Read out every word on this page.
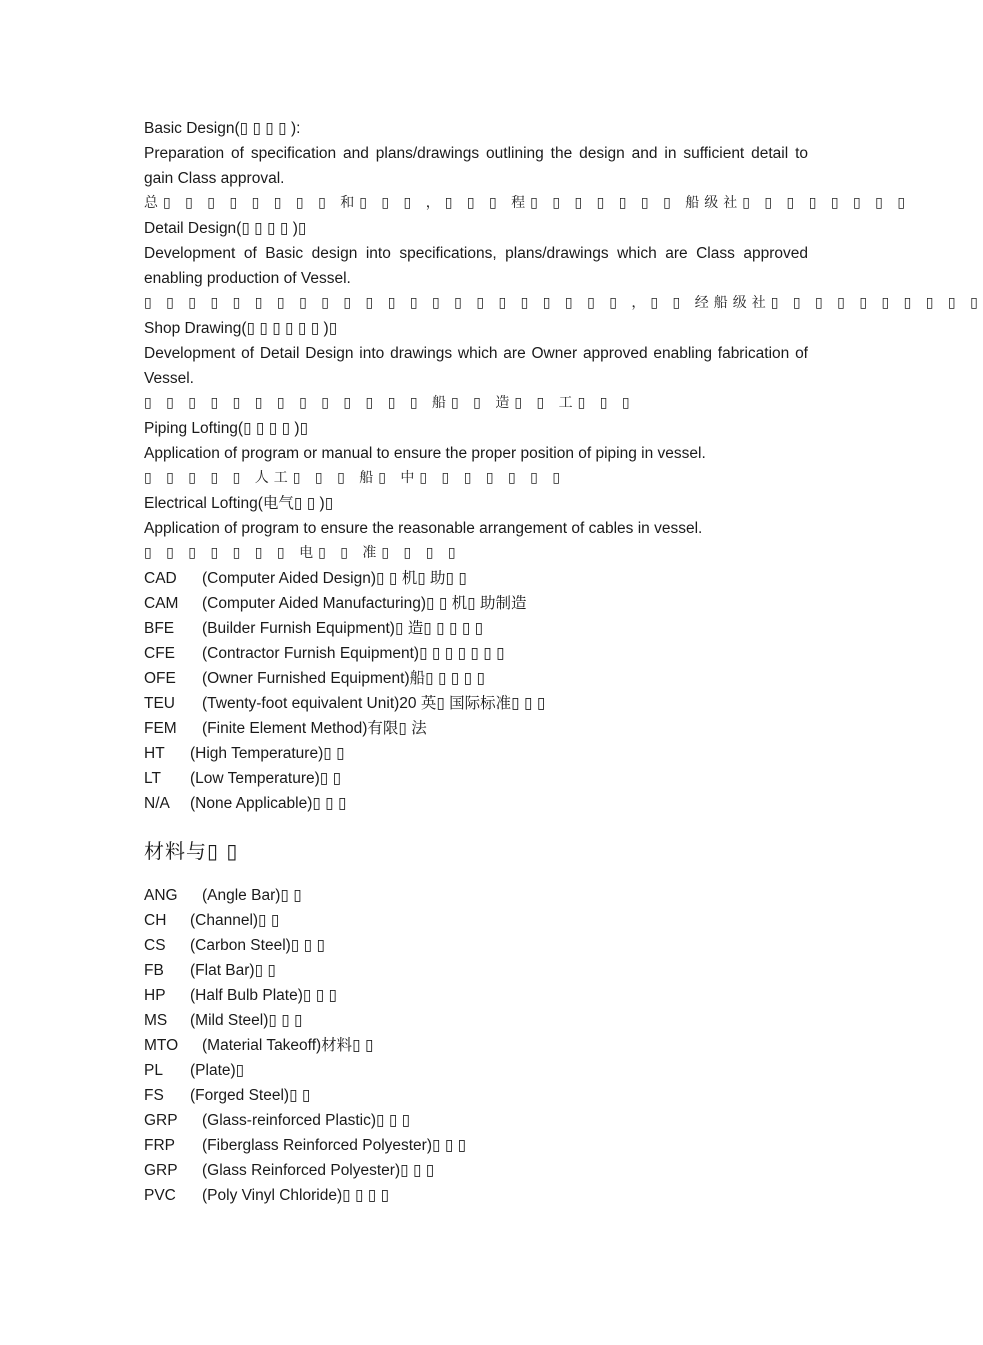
Basic Design(▯ ▯ ▯ ▯ ):
Preparation of specification and plans/drawings outlining the design and in sufficient detail to gain Class approval.
总▯ ▯ ▯ ▯ ▯ ▯ ▯ ▯ 和▯ ▯ ▯ ，▯ ▯ ▯ 程▯ ▯ ▯ ▯ ▯ ▯ ▯ 船级社▯ ▯ ▯ ▯ ▯ ▯ ▯ ▯
Detail Design(▯ ▯ ▯ ▯ )▯
Development of Basic design into specifications, plans/drawings which are Class approved enabling production of Vessel.
▯ ▯ ▯ ▯ ▯ ▯ ▯ ▯ ▯ ▯ ▯ ▯ ▯ ▯ ▯ ▯ ▯ ▯ ▯ ▯ ▯ ▯ ，▯ ▯ 经船级社▯ ▯ ▯ ▯ ▯ ▯ ▯ ▯ ▯ ▯
Shop Drawing(▯ ▯ ▯ ▯ ▯ ▯ )▯
Development of Detail Design into drawings which are Owner approved enabling fabrication of Vessel.
▯ ▯ ▯ ▯ ▯ ▯ ▯ ▯ ▯ ▯ ▯ ▯ ▯ 船▯ ▯ 造▯ ▯ 工▯ ▯ ▯
Piping Lofting(▯ ▯ ▯ ▯ )▯
Application of program or manual to ensure the proper position of piping in vessel.
▯ ▯ ▯ ▯ ▯ 人工▯ ▯ ▯ 船▯ 中▯ ▯ ▯ ▯ ▯ ▯ ▯
Electrical Lofting(电气▯ ▯ )▯
Application of program to ensure the reasonable arrangement of cables in vessel.
▯ ▯ ▯ ▯ ▯ ▯ ▯ 电▯ ▯ 准▯ ▯ ▯ ▯
CAD	(Computer Aided Design)▯ ▯ 机▯ 助▯ ▯
CAM	(Computer Aided Manufacturing)▯ ▯ 机▯ 助制造
BFE	(Builder Furnish Equipment)▯ 造▯ ▯ ▯ ▯ ▯
CFE	(Contractor Furnish Equipment)▯ ▯ ▯ ▯ ▯ ▯ ▯
OFE	(Owner Furnished Equipment)船▯ ▯ ▯ ▯ ▯
TEU	(Twenty-foot equivalent Unit)20 英▯ 国际标准▯ ▯ ▯
FEM	(Finite Element Method)有限▯ 法
HT	(High Temperature)▯ ▯
LT	(Low Temperature)▯ ▯
N/A	(None Applicable)▯ ▯ ▯
材料与▯ ▯
ANG	(Angle Bar)▯ ▯
CH	(Channel)▯ ▯
CS	(Carbon Steel)▯ ▯ ▯
FB	(Flat Bar)▯ ▯
HP	(Half Bulb Plate)▯ ▯ ▯
MS	(Mild Steel)▯ ▯ ▯
MTO	(Material Takeoff)材料▯ ▯
PL	(Plate)▯
FS	(Forged Steel)▯ ▯
GRP	(Glass-reinforced Plastic)▯ ▯ ▯
FRP	(Fiberglass Reinforced Polyester)▯ ▯ ▯
GRP	(Glass Reinforced Polyester)▯ ▯ ▯
PVC	(Poly Vinyl Chloride)▯ ▯ ▯ ▯
